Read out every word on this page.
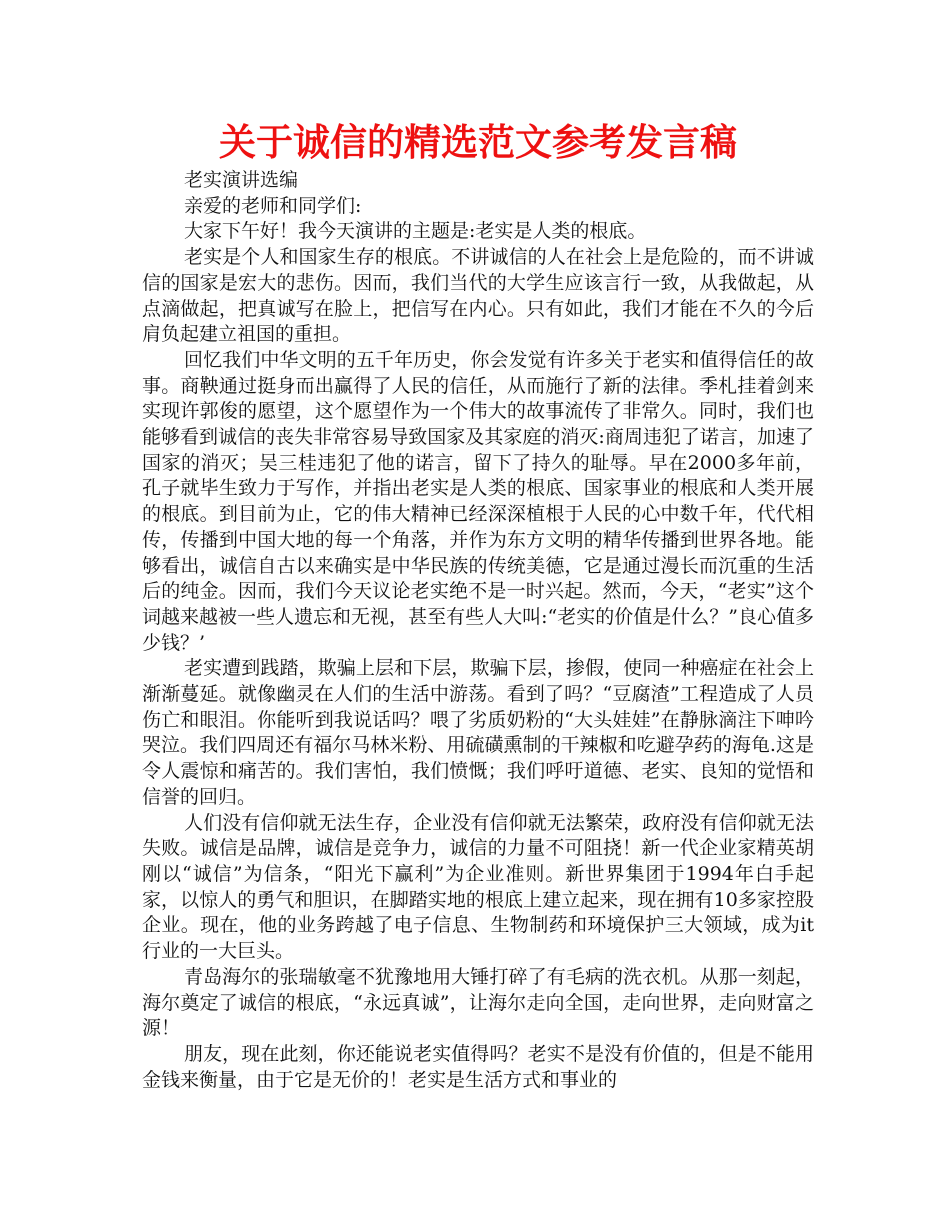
关于诚信的精选范文参考发言稿

老实演讲选编

亲爱的老师和同学们:

大家下午好！我今天演讲的主题是:老实是人类的根底。

老实是个人和国家生存的根底。不讲诚信的人在社会上是危险的，而不讲诚信的国家是宏大的悲伤。因而，我们当代的大学生应该言行一致，从我做起，从点滴做起，把真诚写在脸上，把信写在内心。只有如此，我们才能在不久的今后肩负起建立祖国的重担。

回忆我们中华文明的五千年历史，你会发觉有许多关于老实和值得信任的故事。商鞅通过挺身而出赢得了人民的信任，从而施行了新的法律。季札挂着剑来实现许郭俊的愿望，这个愿望作为一个伟大的故事流传了非常久。同时，我们也能够看到诚信的丧失非常容易导致国家及其家庭的消灭:商周违犯了诺言，加速了国家的消灭；吴三桂违犯了他的诺言，留下了持久的耻辱。早在2000多年前，孔子就毕生致力于写作，并指出老实是人类的根底、国家事业的根底和人类开展的根底。到目前为止，它的伟大精神已经深深植根于人民的心中数千年，代代相传，传播到中国大地的每一个角落，并作为东方文明的精华传播到世界各地。能够看出，诚信自古以来确实是中华民族的传统美德，它是通过漫长而沉重的生活后的纯金。因而，我们今天议论老实绝不是一时兴起。然而，今天，“老实”这个词越来越被一些人遗忘和无视，甚至有些人大叫:“老实的价值是什么？”良心值多少钱？’

老实遭到践踏，欺骗上层和下层，欺骗下层，掺假，使同一种癌症在社会上渐渐蔓延。就像幽灵在人们的生活中游荡。看到了吗？“豆腐渣”工程造成了人员伤亡和眼泪。你能听到我说话吗？喂了劣质奶粉的“大头娃娃”在静脉滴注下呻吟哭泣。我们四周还有福尔马林米粉、用硫磺熏制的干辣椒和吃避孕药的海龟.这是令人震惊和痛苦的。我们害怕，我们愤慨；我们呼吁道德、老实、良知的觉悟和信誉的回归。

人们没有信仰就无法生存，企业没有信仰就无法繁荣，政府没有信仰就无法失败。诚信是品牌，诚信是竞争力，诚信的力量不可阻挠！新一代企业家精英胡刚以“诚信”为信条，“阳光下赢利”为企业准则。新世界集团于1994年白手起家，以惊人的勇气和胆识，在脚踏实地的根底上建立起来，现在拥有10多家控股企业。现在，他的业务跨越了电子信息、生物制药和环境保护三大领域，成为it行业的一大巨头。

青岛海尔的张瑞敏毫不犹豫地用大锤打碎了有毛病的洗衣机。从那一刻起，海尔奠定了诚信的根底，“永远真诚”，让海尔走向全国，走向世界，走向财富之源！

朋友，现在此刻，你还能说老实值得吗？老实不是没有价值的，但是不能用金钱来衡量，由于它是无价的！老实是生活方式和事业的
